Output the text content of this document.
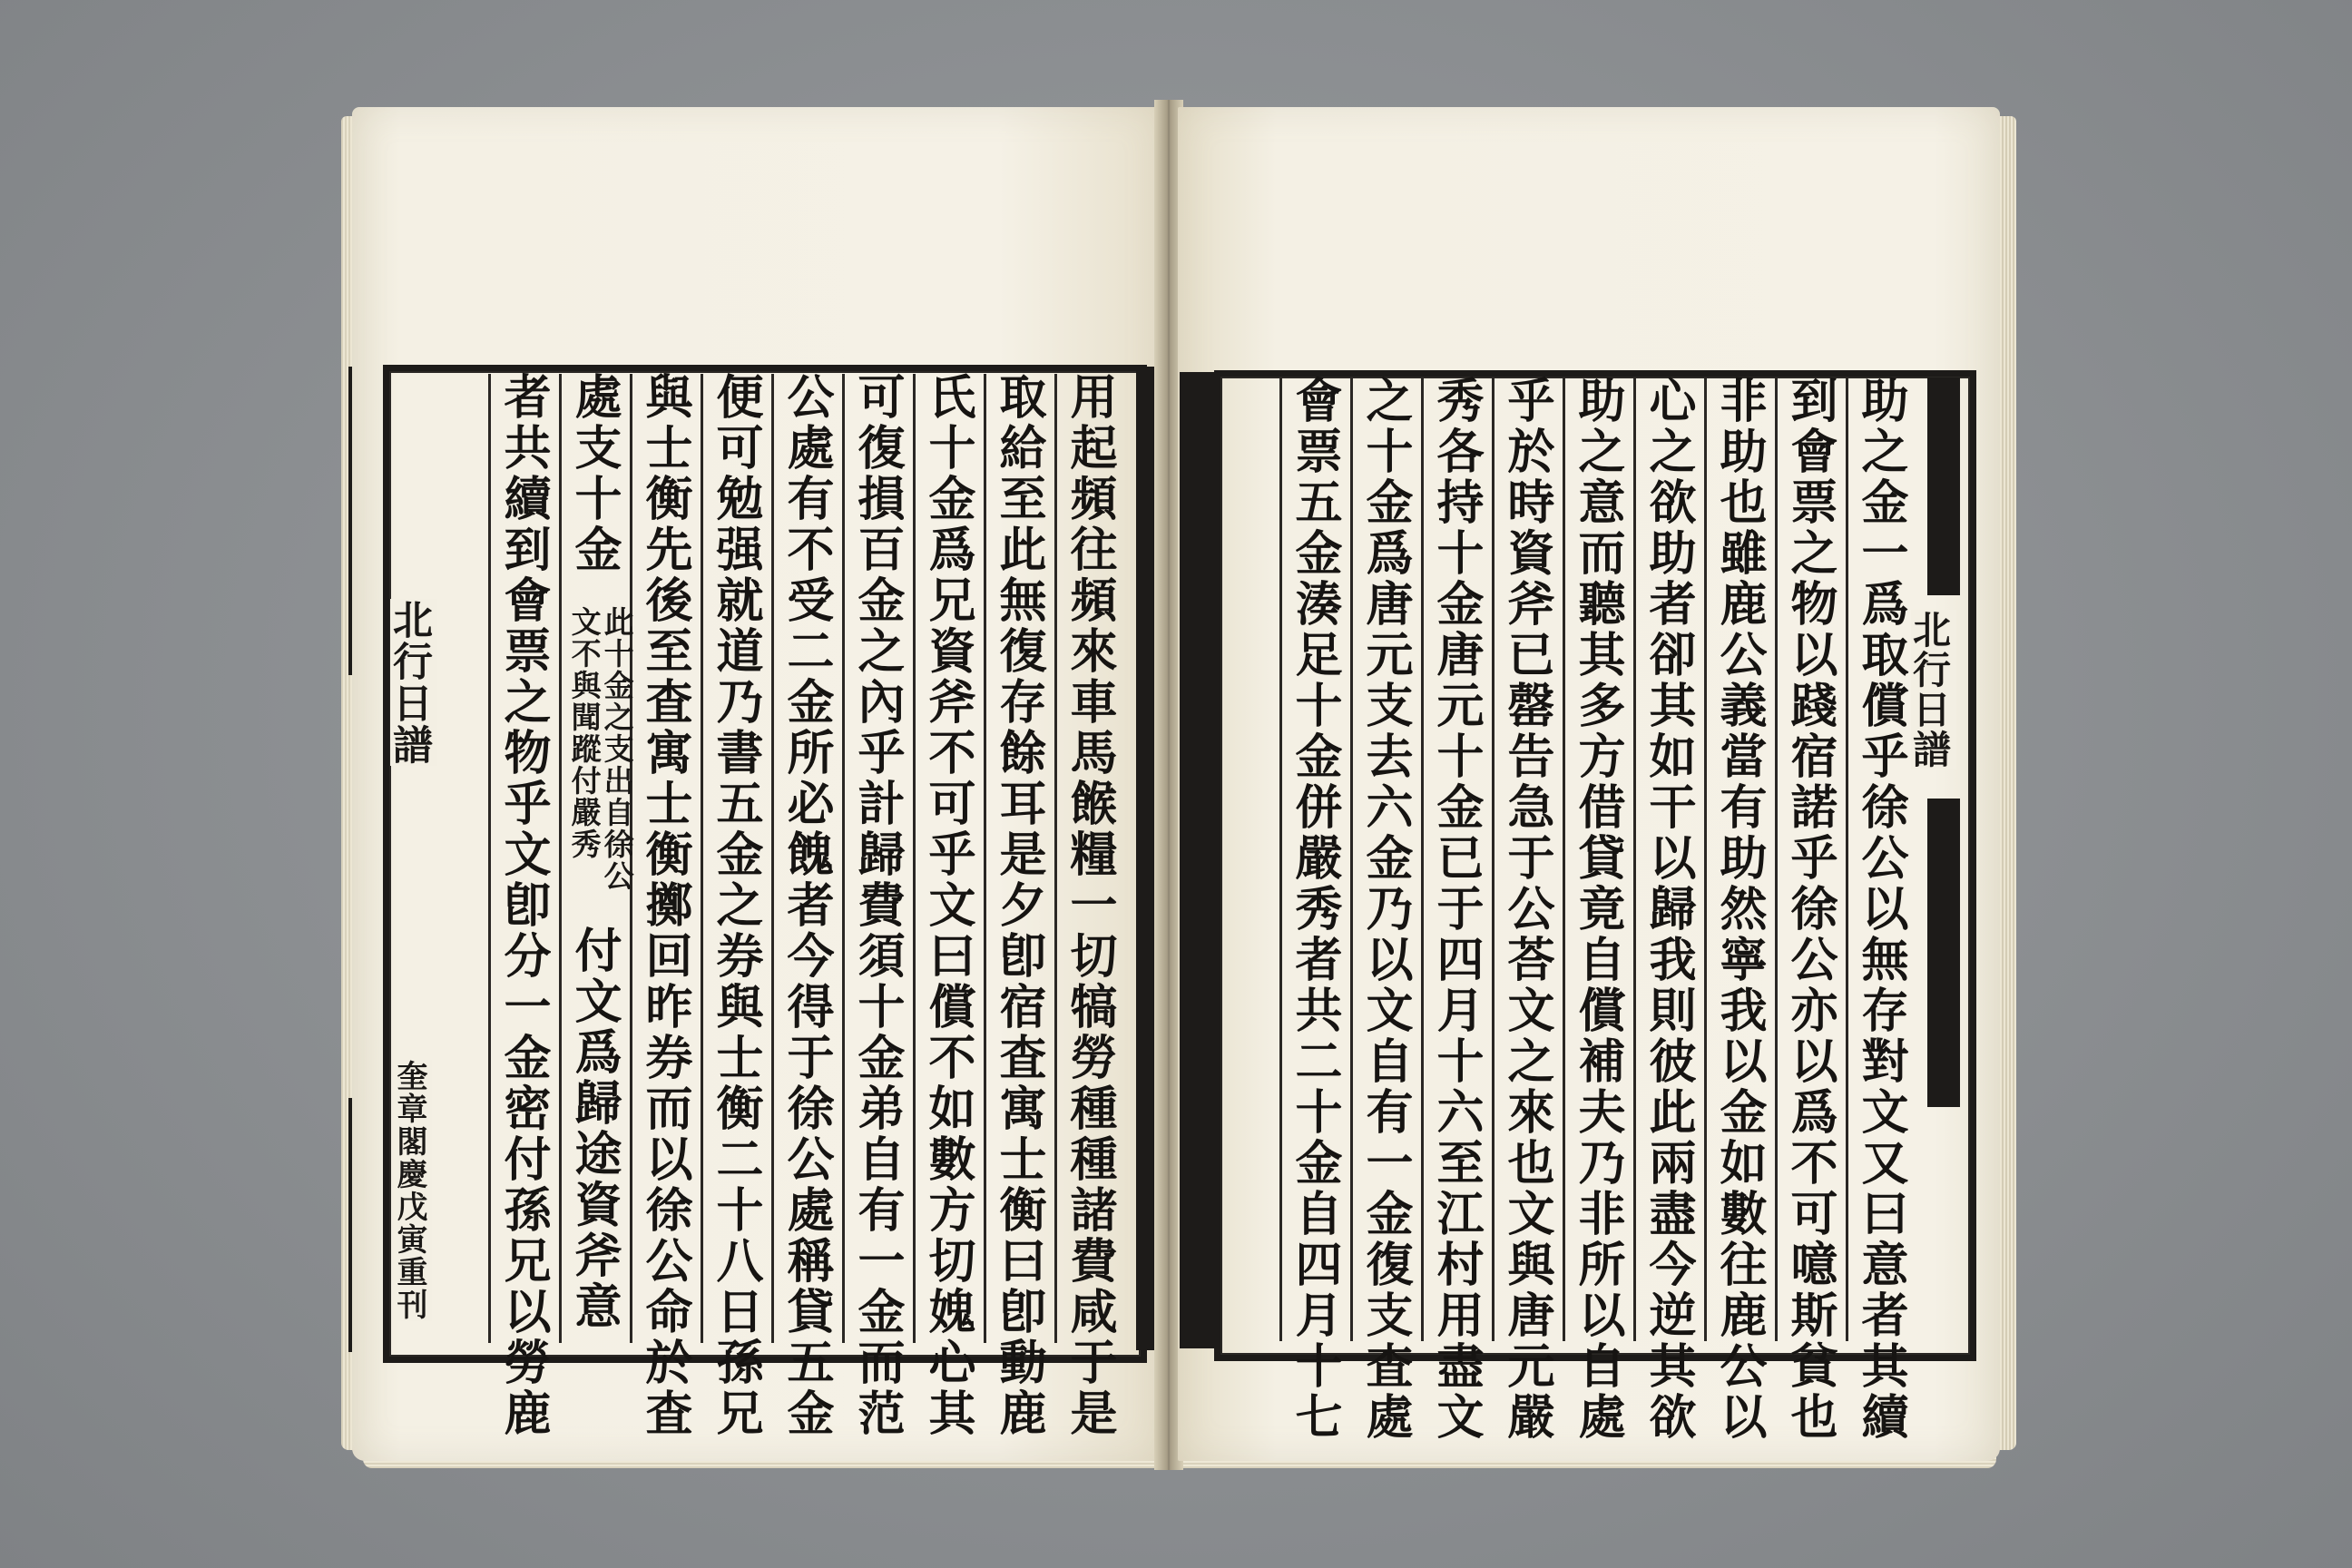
用起頻往頻來車馬餱糧一切犒勞種種諸費咸于是
取給至此無復存餘耳是夕卽宿査寓士衡曰卽動鹿
氏十金爲兄資斧不可乎文曰償不如數方切媿心其
可復損百金之內乎計歸費須十金弟自有一金而范
公處有不受二金所必餽者今得于徐公處稱貸五金
便可勉强就道乃書五金之券與士衡二十八日孫兄
與士衡先後至査寓士衡擲回昨券而以徐公命於査
處支十金
此十金之支出自徐公
文不與聞蹤付嚴秀
付文爲歸途資斧意
者共續到會票之物乎文卽分一金密付孫兄以勞鹿
北行日譜
奎章閣慶戊寅重刊	助之金一爲取償乎徐公以無存對文又曰意者其續
到會票之物以踐宿諾乎徐公亦以爲不可噫斯貧也
非助也雖鹿公義當有助然寧我以金如數往鹿公以
心之欲助者卻其如干以歸我則彼此兩盡今逆其欲
助之意而聽其多方借貸竟自償補夫乃非所以自處
乎於時資斧已罄告急于公荅文之來也文與唐元嚴
秀各持十金唐元十金已于四月十六至江村用盡文
之十金爲唐元支去六金乃以文自有一金復支査處
會票五金湊足十金併嚴秀者共二十金自四月十七	北行日譜
